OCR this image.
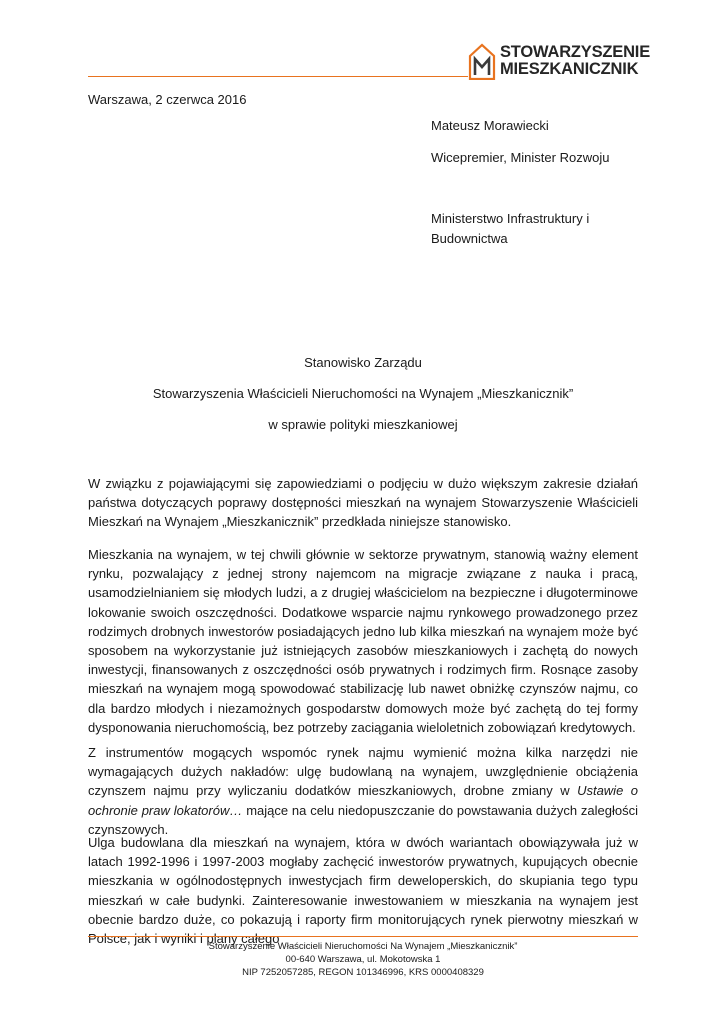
STOWARZYSZENIE
MIESZKANICZNIK
Warszawa, 2 czerwca 2016
Mateusz Morawiecki
Wicepremier, Minister Rozwoju
Ministerstwo Infrastruktury i
Budownictwa
Stanowisko Zarządu
Stowarzyszenia Właścicieli Nieruchomości na Wynajem „Mieszkanicznik”
w sprawie polityki mieszkaniowej
W związku z pojawiającymi się zapowiedziami o podjęciu w dużo większym zakresie działań państwa dotyczących poprawy dostępności mieszkań na wynajem Stowarzyszenie Właścicieli Mieszkań na Wynajem „Mieszkanicznik” przedkłada niniejsze stanowisko.
Mieszkania na wynajem, w tej chwili głównie w sektorze prywatnym, stanowią ważny element rynku, pozwalający z jednej strony najemcom na migracje związane z nauka i pracą, usamodzielnianiem się młodych ludzi, a z drugiej właścicielom na bezpieczne i długoterminowe lokowanie swoich oszczędności. Dodatkowe wsparcie najmu rynkowego prowadzonego przez rodzimych drobnych inwestorów posiadających jedno lub kilka mieszkań na wynajem może być sposobem na wykorzystanie już istniejących zasobów mieszkaniowych i zachętą do nowych inwestycji, finansowanych z oszczędności osób prywatnych i rodzimych firm. Rosnące zasoby mieszkań na wynajem mogą spowodować stabilizację lub nawet obniżkę czynszów najmu, co dla bardzo młodych i niezamożnych gospodarstw domowych może być zachętą do tej formy dysponowania nieruchomością, bez potrzeby zaciągania wieloletnich zobowiązań kredytowych.
Z instrumentów mogących wspomóc rynek najmu wymienić można kilka narzędzi nie wymagających dużych nakładów: ulgę budowlaną na wynajem, uwzględnienie obciążenia czynszem najmu przy wyliczaniu dodatków mieszkaniowych, drobne zmiany w Ustawie o ochronie praw lokatorów… mające na celu niedopuszczanie do powstawania dużych zaległości czynszowych.
Ulga budowlana dla mieszkań na wynajem, która w dwóch wariantach obowiązywała już w latach 1992-1996 i 1997-2003 mogłaby zachęcić inwestorów prywatnych, kupujących obecnie mieszkania w ogólnodostępnych inwestycjach firm deweloperskich, do skupiania tego typu mieszkań w całe budynki. Zainteresowanie inwestowaniem w mieszkania na wynajem jest obecnie bardzo duże, co pokazują i raporty firm monitorujących rynek pierwotny mieszkań w Polsce, jak i wyniki i plany całego
Stowarzyszenie Właścicieli Nieruchomości Na Wynajem „Mieszkanicznik”
00-640 Warszawa, ul. Mokotowska 1
NIP 7252057285, REGON 101346996, KRS 0000408329
